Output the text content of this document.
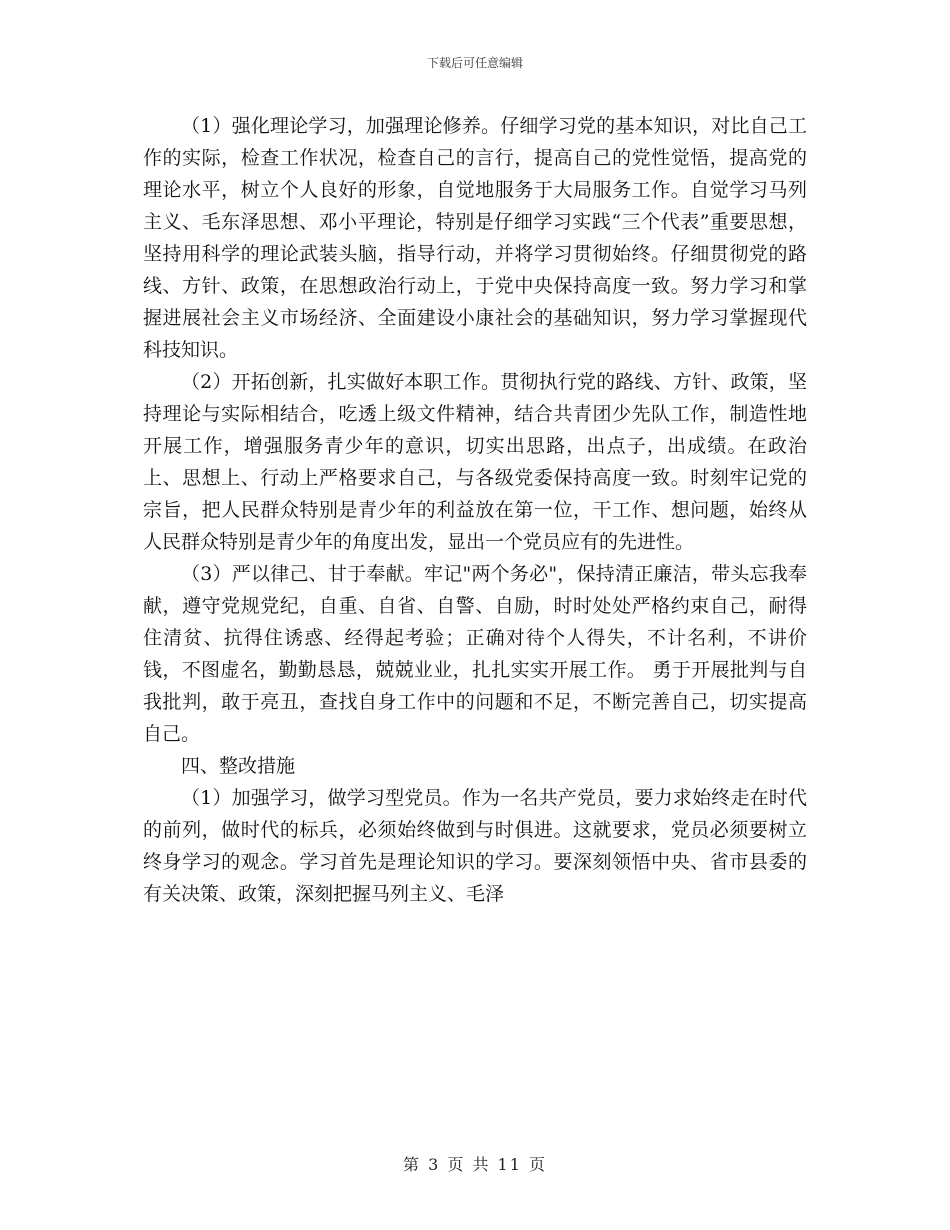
下载后可任意编辑

（1）强化理论学习，加强理论修养。仔细学习党的基本知识，对比自己工作的实际，检查工作状况，检查自己的言行，提高自己的党性觉悟，提高党的理论水平，树立个人良好的形象，自觉地服务于大局服务工作。自觉学习马列主义、毛东泽思想、邓小平理论，特别是仔细学习实践“三个代表”重要思想，坚持用科学的理论武装头脑，指导行动，并将学习贯彻始终。仔细贯彻党的路线、方针、政策，在思想政治行动上，于党中央保持高度一致。努力学习和掌握进展社会主义市场经济、全面建设小康社会的基础知识，努力学习掌握现代科技知识。

（2）开拓创新，扎实做好本职工作。贯彻执行党的路线、方针、政策，坚持理论与实际相结合，吃透上级文件精神，结合共青团少先队工作，制造性地开展工作，增强服务青少年的意识，切实出思路，出点子，出成绩。在政治上、思想上、行动上严格要求自己，与各级党委保持高度一致。时刻牢记党的宗旨，把人民群众特别是青少年的利益放在第一位，干工作、想问题，始终从人民群众特别是青少年的角度出发，显出一个党员应有的先进性。

（3）严以律己、甘于奉献。牢记"两个务必"，保持清正廉洁，带头忘我奉献，遵守党规党纪，自重、自省、自警、自励，时时处处严格约束自己，耐得住清贫、抗得住诱惑、经得起考验；正确对待个人得失，不计名利，不讲价钱，不图虚名，勤勤恳恳，兢兢业业，扎扎实实开展工作。 勇于开展批判与自我批判，敢于亮丑，查找自身工作中的问题和不足，不断完善自己，切实提高自己。

四、整改措施

（1）加强学习，做学习型党员。作为一名共产党员，要力求始终走在时代的前列，做时代的标兵，必须始终做到与时俱进。这就要求，党员必须要树立终身学习的观念。学习首先是理论知识的学习。要深刻领悟中央、省市县委的有关决策、政策，深刻把握马列主义、毛泽

第 3 页 共 11 页
